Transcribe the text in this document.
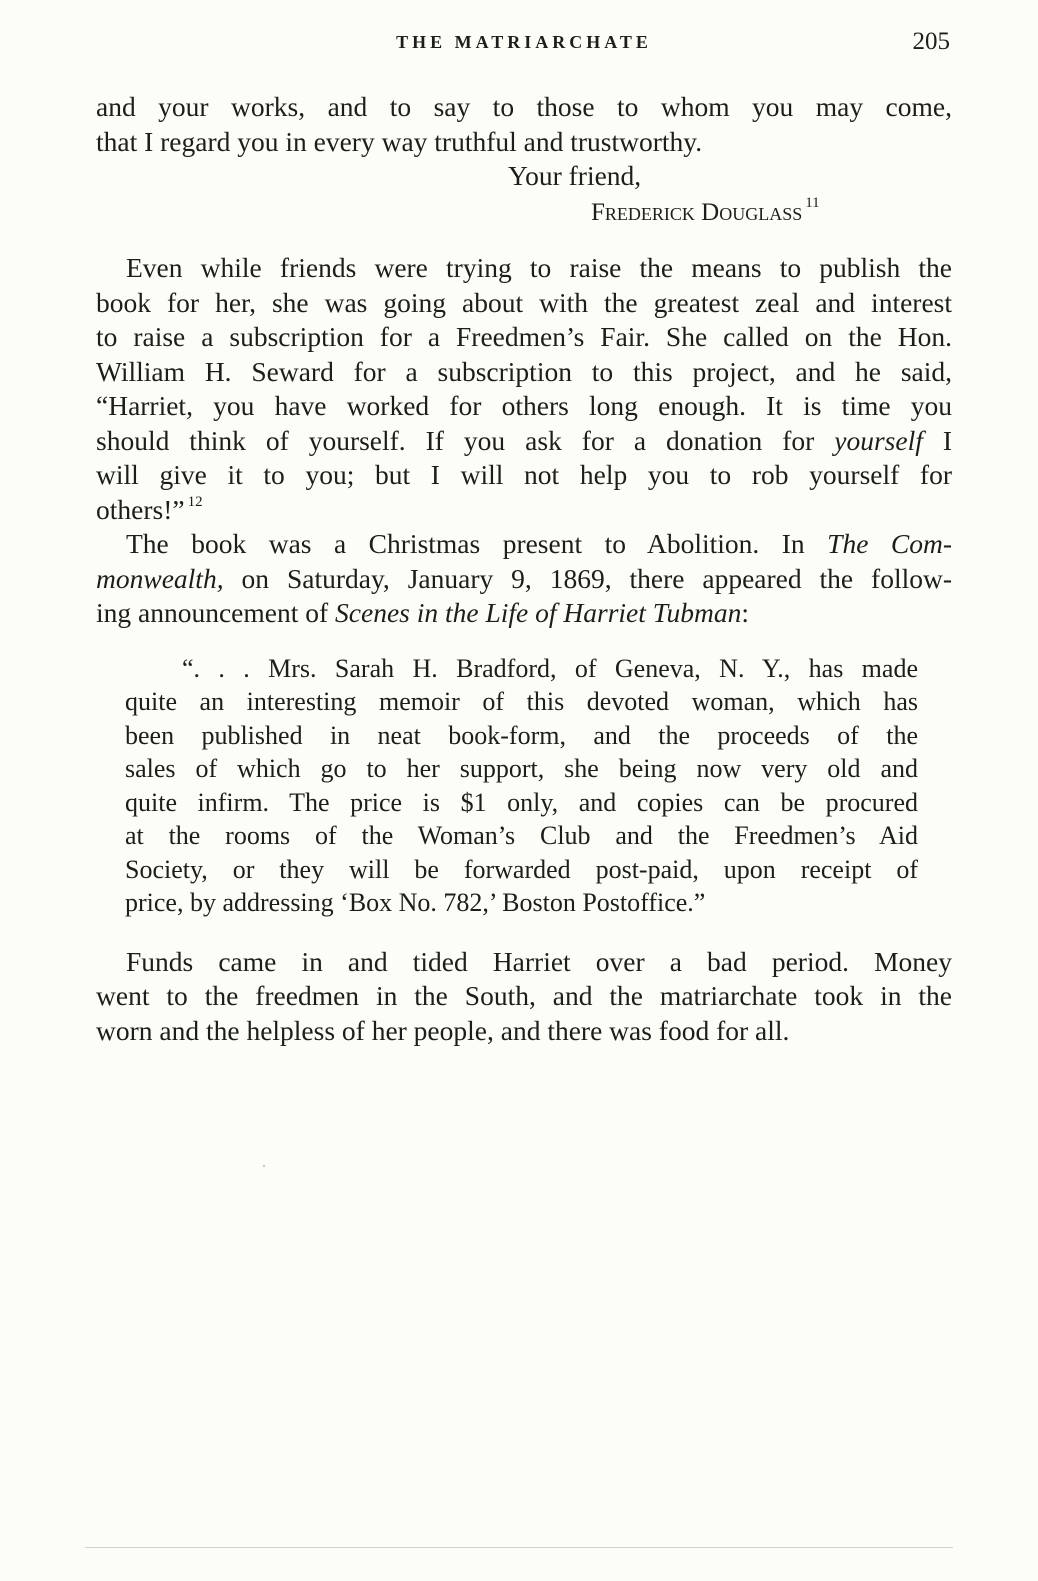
THE MATRIARCHATE	205
and your works, and to say to those to whom you may come,
that I regard you in every way truthful and trustworthy.
Your friend,
Frederick Douglass $^{11}$
Even while friends were trying to raise the means to publish the
book for her, she was going about with the greatest zeal and interest
to raise a subscription for a Freedmen’s Fair. She called on the Hon.
William H. Seward for a subscription to this project, and he said,
“Harriet, you have worked for others long enough. It is time you
should think of yourself. If you ask for a donation for yourself I
will give it to you; but I will not help you to rob yourself for
others!” $^{12}$
The book was a Christmas present to Abolition. In The Com-
monwealth, on Saturday, January 9, 1869, there appeared the follow-
ing announcement of Scenes in the Life of Harriet Tubman:
“. . . Mrs. Sarah H. Bradford, of Geneva, N. Y., has made
quite an interesting memoir of this devoted woman, which has
been published in neat book-form, and the proceeds of the
sales of which go to her support, she being now very old and
quite infirm. The price is $1 only, and copies can be procured
at the rooms of the Woman’s Club and the Freedmen’s Aid
Society, or they will be forwarded post-paid, upon receipt of
price, by addressing ‘Box No. 782,’ Boston Postoffice.”
Funds came in and tided Harriet over a bad period. Money
went to the freedmen in the South, and the matriarchate took in the
worn and the helpless of her people, and there was food for all.
